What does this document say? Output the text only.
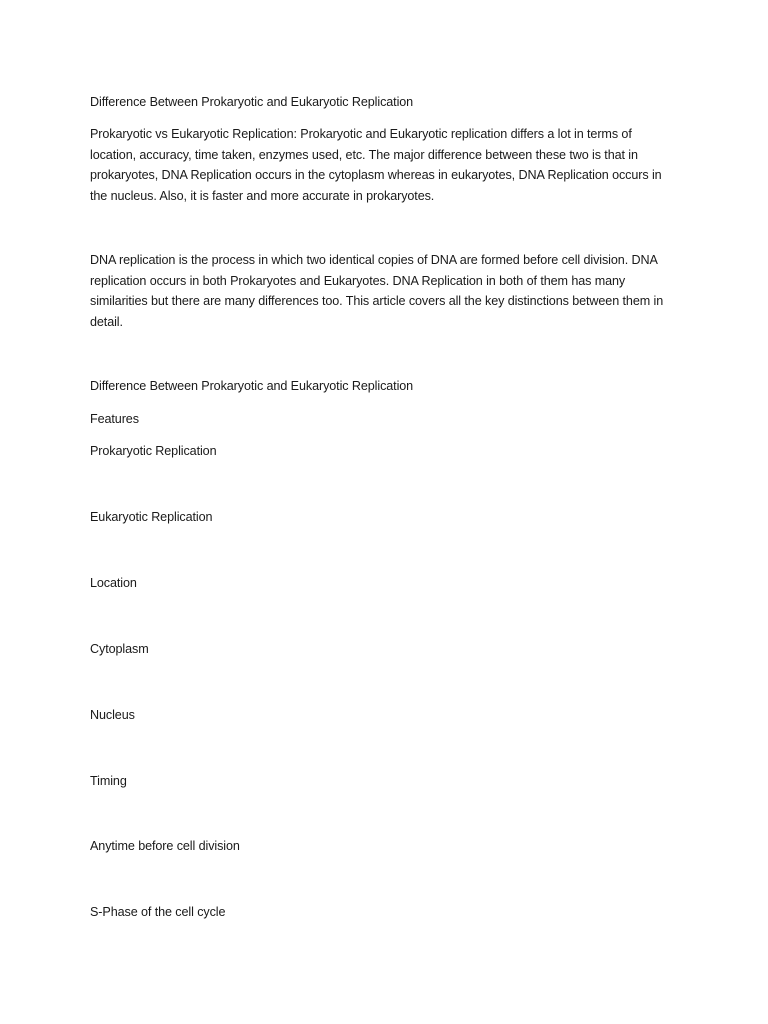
Difference Between Prokaryotic and Eukaryotic Replication

Prokaryotic vs Eukaryotic Replication: Prokaryotic and Eukaryotic replication differs a lot in terms of location, accuracy, time taken, enzymes used, etc. The major difference between these two is that in prokaryotes, DNA Replication occurs in the cytoplasm whereas in eukaryotes, DNA Replication occurs in the nucleus. Also, it is faster and more accurate in prokaryotes.

DNA replication is the process in which two identical copies of DNA are formed before cell division. DNA replication occurs in both Prokaryotes and Eukaryotes. DNA Replication in both of them has many similarities but there are many differences too. This article covers all the key distinctions between them in detail.

Difference Between Prokaryotic and Eukaryotic Replication

Features

Prokaryotic Replication

Eukaryotic Replication

Location

Cytoplasm

Nucleus

Timing

Anytime before cell division

S-Phase of the cell cycle
